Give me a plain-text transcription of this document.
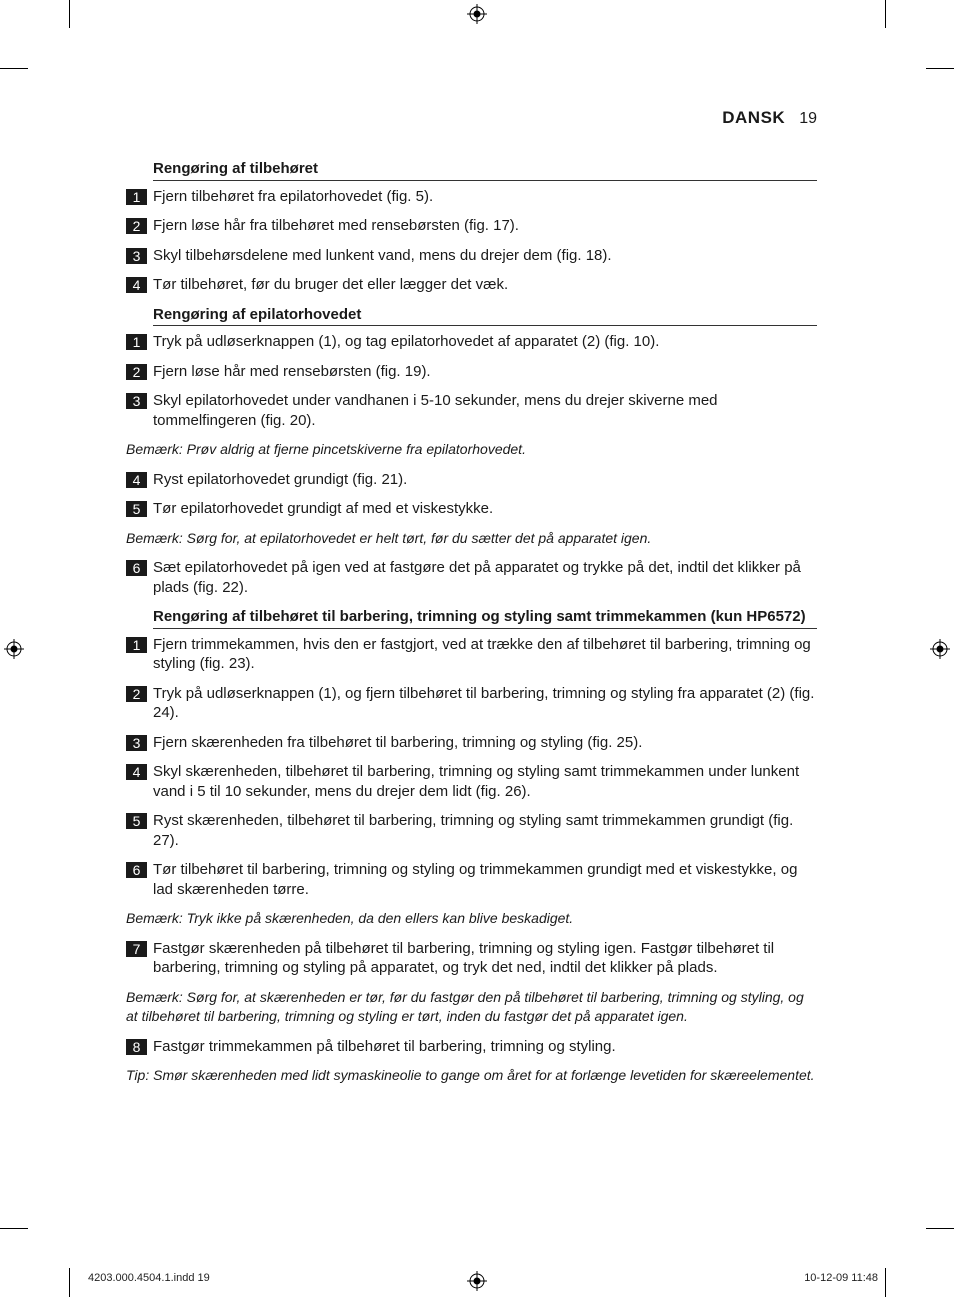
DANSK 19
Rengøring af tilbehøret
1 Fjern tilbehøret fra epilatorhovedet (fig. 5).
2 Fjern løse hår fra tilbehøret med rensebørsten (fig. 17).
3 Skyl tilbehørsdelene med lunkent vand, mens du drejer dem (fig. 18).
4 Tør tilbehøret, før du bruger det eller lægger det væk.
Rengøring af epilatorhovedet
1 Tryk på udløserknappen (1), og tag epilatorhovedet af apparatet (2) (fig. 10).
2 Fjern løse hår med rensebørsten (fig. 19).
3 Skyl epilatorhovedet under vandhanen i 5-10 sekunder, mens du drejer skiverne med tommelfingeren (fig. 20).
Bemærk: Prøv aldrig at fjerne pincetskiverne fra epilatorhovedet.
4 Ryst epilatorhovedet grundigt (fig. 21).
5 Tør epilatorhovedet grundigt af med et viskestykke.
Bemærk: Sørg for, at epilatorhovedet er helt tørt, før du sætter det på apparatet igen.
6 Sæt epilatorhovedet på igen ved at fastgøre det på apparatet og trykke på det, indtil det klikker på plads (fig. 22).
Rengøring af tilbehøret til barbering, trimning og styling samt trimmekammen (kun HP6572)
1 Fjern trimmekammen, hvis den er fastgjort, ved at trække den af tilbehøret til barbering, trimning og styling (fig. 23).
2 Tryk på udløserknappen (1), og fjern tilbehøret til barbering, trimning og styling fra apparatet (2) (fig. 24).
3 Fjern skærenheden fra tilbehøret til barbering, trimning og styling (fig. 25).
4 Skyl skærenheden, tilbehøret til barbering, trimning og styling samt trimmekammen under lunkent vand i 5 til 10 sekunder, mens du drejer dem lidt (fig. 26).
5 Ryst skærenheden, tilbehøret til barbering, trimning og styling samt trimmekammen grundigt (fig. 27).
6 Tør tilbehøret til barbering, trimning og styling og trimmekammen grundigt med et viskestykke, og lad skærenheden tørre.
Bemærk: Tryk ikke på skærenheden, da den ellers kan blive beskadiget.
7 Fastgør skærenheden på tilbehøret til barbering, trimning og styling igen. Fastgør tilbehøret til barbering, trimning og styling på apparatet, og tryk det ned, indtil det klikker på plads.
Bemærk: Sørg for, at skærenheden er tør, før du fastgør den på tilbehøret til barbering, trimning og styling, og at tilbehøret til barbering, trimning og styling er tørt, inden du fastgør det på apparatet igen.
8 Fastgør trimmekammen på tilbehøret til barbering, trimning og styling.
Tip: Smør skærenheden med lidt symaskineolie to gange om året for at forlænge levetiden for skæreelementet.
4203.000.4504.1.indd 19	10-12-09 11:48
